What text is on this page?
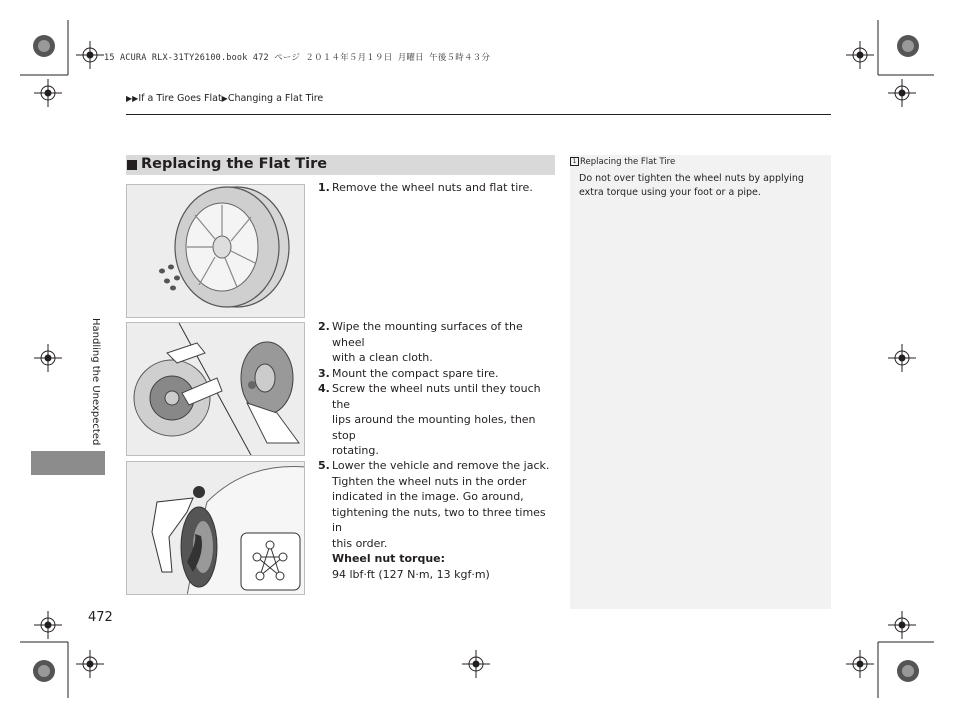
15 ACURA RLX-31TY26100.book 472 ページ ２０１４年５月１９日 月曜日 午後５時４３分
▶▶If a Tire Goes Flat▶Changing a Flat Tire
Handling the Unexpected
Replacing the Flat Tire
1. Remove the wheel nuts and flat tire.
2. Wipe the mounting surfaces of the wheel
with a clean cloth.
3. Mount the compact spare tire.
4. Screw the wheel nuts until they touch the
lips around the mounting holes, then stop
rotating.
5. Lower the vehicle and remove the jack.
Tighten the wheel nuts in the order
indicated in the image. Go around,
tightening the nuts, two to three times in
this order.
Wheel nut torque:
94 lbf·ft (127 N·m, 13 kgf·m)
1 Replacing the Flat Tire
Do not over tighten the wheel nuts by applying extra torque using your foot or a pipe.
472
